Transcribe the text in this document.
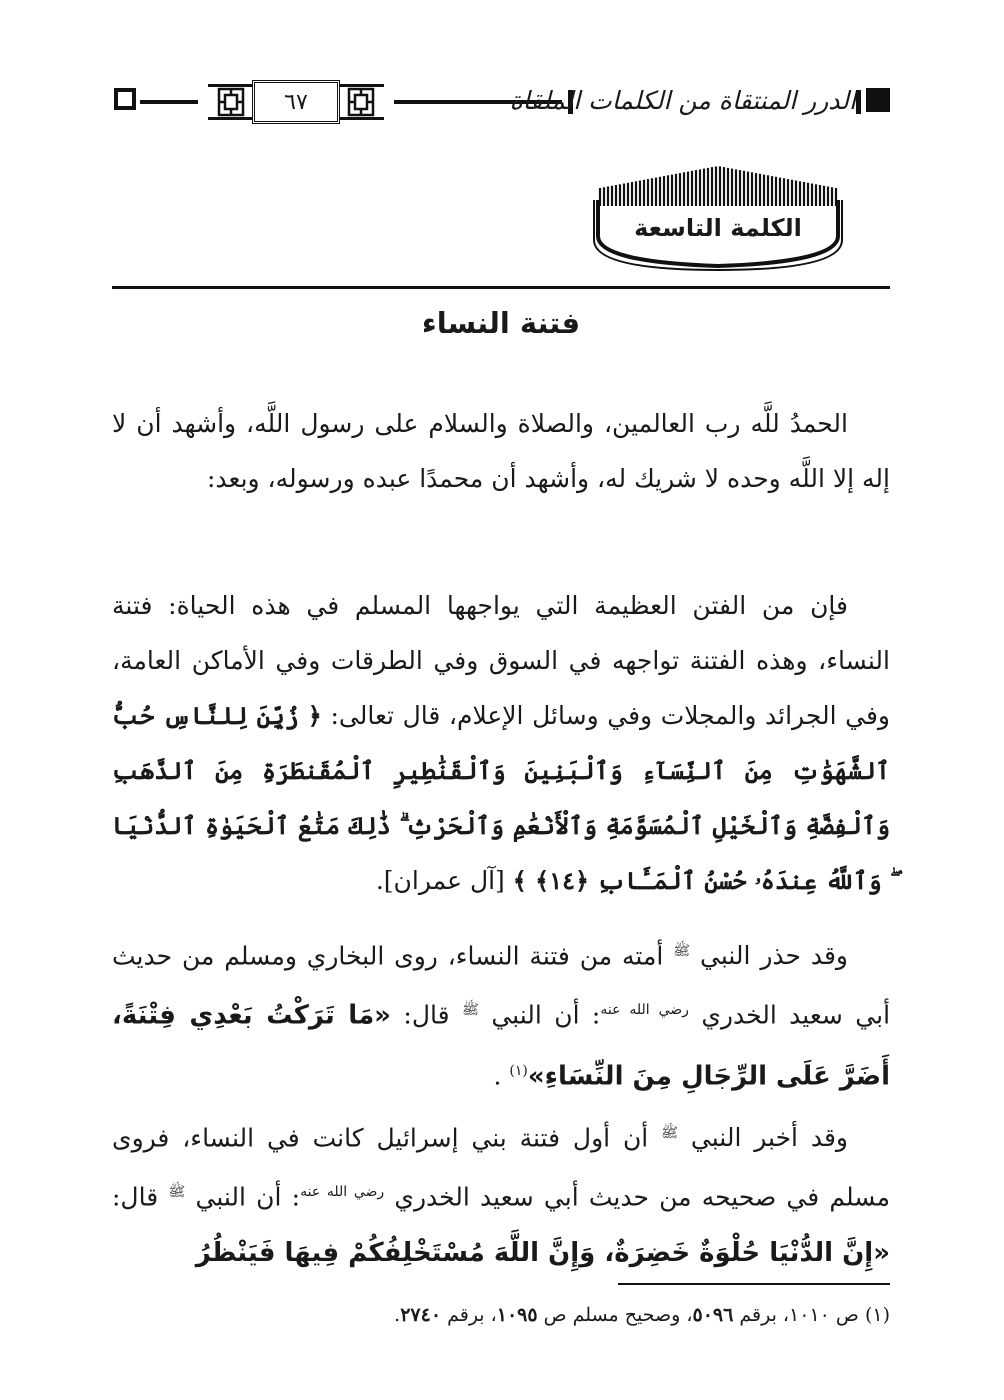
٦٧	الدرر المنتقاة من الكلمات الملقاة
الكلمة التاسعة
فتنة النساء

الحمدُ للَّه رب العالمين، والصلاة والسلام على رسول اللَّه، وأشهد أن لا إله إلا اللَّه وحده لا شريك له، وأشهد أن محمدًا عبده ورسوله، وبعد:

فإن من الفتن العظيمة التي يواجهها المسلم في هذه الحياة: فتنة النساء، وهذه الفتنة تواجهه في السوق وفي الطرقات وفي الأماكن العامة، وفي الجرائد والمجلات وفي وسائل الإعلام، قال تعالى: ﴿ زُيِّنَ لِلنَّاسِ حُبُّ ٱلشَّهَوَٰتِ مِنَ ٱلنِّسَآءِ وَٱلْبَنِينَ وَٱلْقَنَٰطِيرِ ٱلْمُقَنطَرَةِ مِنَ ٱلذَّهَبِ وَٱلْفِضَّةِ وَٱلْخَيْلِ ٱلْمُسَوَّمَةِ وَٱلْأَنْعَٰمِ وَٱلْحَرْثِ ۗ ذَٰلِكَ مَتَٰعُ ٱلْحَيَوٰةِ ٱلدُّنْيَا ۖ وَٱللَّهُ عِندَهُۥ حُسْنُ ٱلْمَـَٔابِ ﴿١٤﴾ ﴾ [آل عمران].

وقد حذر النبي $^ﷺ$ أمته من فتنة النساء، روى البخاري ومسلم من حديث أبي سعيد الخدري $^{رضي الله عنه}$: أن النبي $^ﷺ$ قال: «مَا تَرَكْتُ بَعْدِي فِتْنَةً، أَضَرَّ عَلَى الرِّجَالِ مِنَ النِّسَاءِ»$^{(١)}$ .

وقد أخبر النبي $^ﷺ$ أن أول فتنة بني إسرائيل كانت في النساء، فروى مسلم في صحيحه من حديث أبي سعيد الخدري $^{رضي الله عنه}$: أن النبي $^ﷺ$ قال: «إِنَّ الدُّنْيَا حُلْوَةٌ خَضِرَةٌ، وَإِنَّ اللَّهَ مُسْتَخْلِفُكُمْ فِيهَا فَيَنْظُرُ

(١) ص ١٠١٠، برقم ٥٠٩٦، وصحيح مسلم ص ١٠٩٥، برقم ٢٧٤٠.
